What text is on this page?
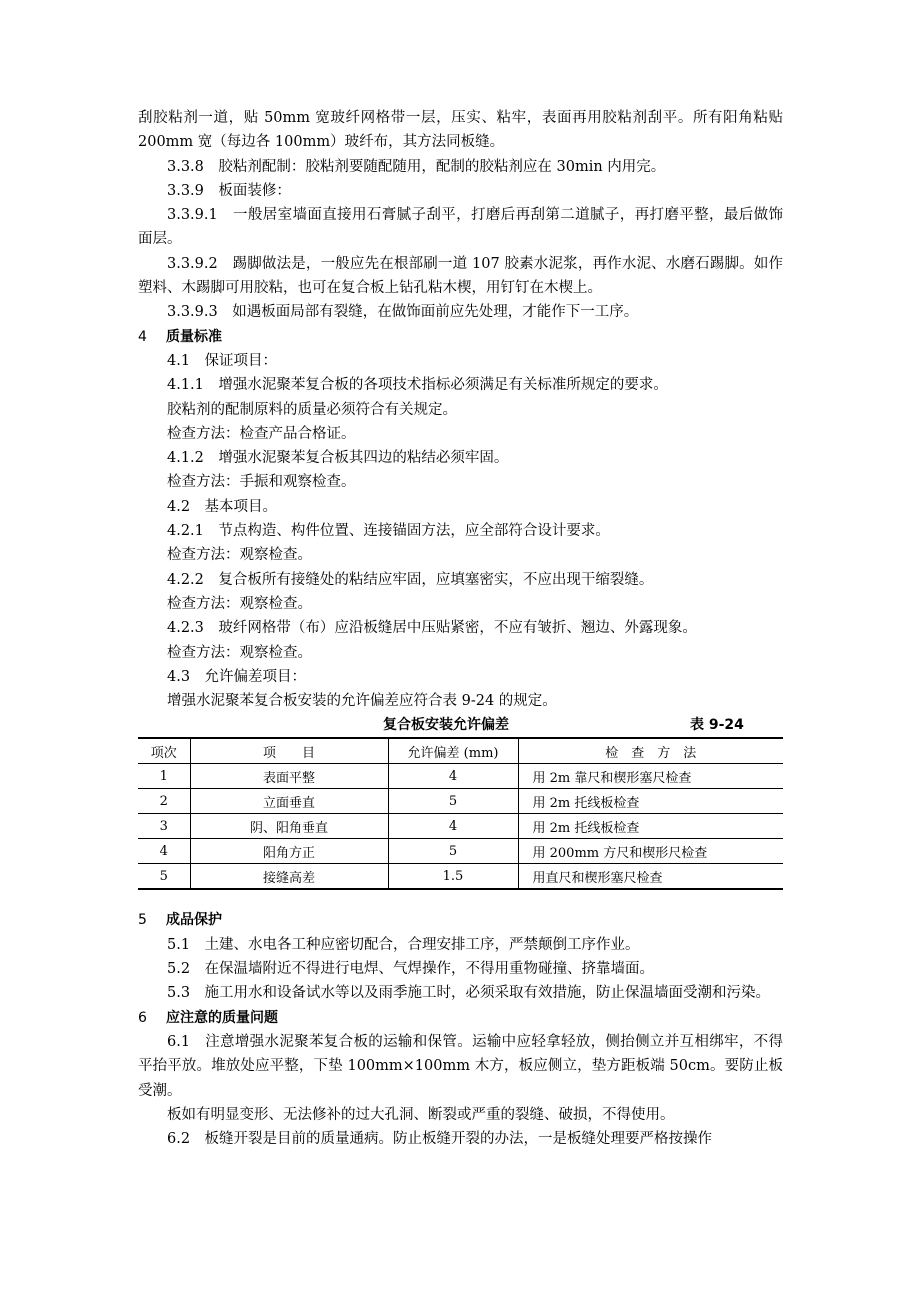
刮胶粘剂一道，贴 50mm 宽玻纤网格带一层，压实、粘牢，表面再用胶粘剂刮平。所有阳角粘贴 200mm 宽（每边各 100mm）玻纤布，其方法同板缝。

3.3.8　胶粘剂配制：胶粘剂要随配随用，配制的胶粘剂应在 30min 内用完。

3.3.9　板面装修：

3.3.9.1　一般居室墙面直接用石膏腻子刮平，打磨后再刮第二道腻子，再打磨平整，最后做饰面层。

3.3.9.2　踢脚做法是，一般应先在根部刷一道 107 胶素水泥浆，再作水泥、水磨石踢脚。如作塑料、木踢脚可用胶粘，也可在复合板上钻孔粘木楔，用钉钉在木楔上。

3.3.9.3　如遇板面局部有裂缝，在做饰面前应先处理，才能作下一工序。

4 质量标准

4.1　保证项目：

4.1.1　增强水泥聚苯复合板的各项技术指标必须满足有关标准所规定的要求。

胶粘剂的配制原料的质量必须符合有关规定。

检查方法：检查产品合格证。

4.1.2　增强水泥聚苯复合板其四边的粘结必须牢固。

检查方法：手振和观察检查。

4.2　基本项目。

4.2.1　节点构造、构件位置、连接锚固方法，应全部符合设计要求。

检查方法：观察检查。

4.2.2　复合板所有接缝处的粘结应牢固，应填塞密实，不应出现干缩裂缝。

检查方法：观察检查。

4.2.3　玻纤网格带（布）应沿板缝居中压贴紧密，不应有皱折、翘边、外露现象。

检查方法：观察检查。

4.3　允许偏差项目：

增强水泥聚苯复合板安装的允许偏差应符合表 9-24 的规定。

复合板安装允许偏差	表 9-24
项次	项　　目	允许偏差 (mm)	检　查　方　法
1	表面平整	4	用 2m 靠尺和楔形塞尺检查
2	立面垂直	5	用 2m 托线板检查
3	阴、阳角垂直	4	用 2m 托线板检查
4	阳角方正	5	用 200mm 方尺和楔形尺检查
5	接缝高差	1.5	用直尺和楔形塞尺检查

5 成品保护

5.1　土建、水电各工种应密切配合，合理安排工序，严禁颠倒工序作业。

5.2　在保温墙附近不得进行电焊、气焊操作，不得用重物碰撞、挤靠墙面。

5.3　施工用水和设备试水等以及雨季施工时，必须采取有效措施，防止保温墙面受潮和污染。

6 应注意的质量问题

6.1　注意增强水泥聚苯复合板的运输和保管。运输中应轻拿轻放，侧抬侧立并互相绑牢，不得平抬平放。堆放处应平整，下垫 100mm×100mm 木方，板应侧立，垫方距板端 50cm。要防止板受潮。

板如有明显变形、无法修补的过大孔洞、断裂或严重的裂缝、破损，不得使用。

6.2　板缝开裂是目前的质量通病。防止板缝开裂的办法，一是板缝处理要严格按操作
